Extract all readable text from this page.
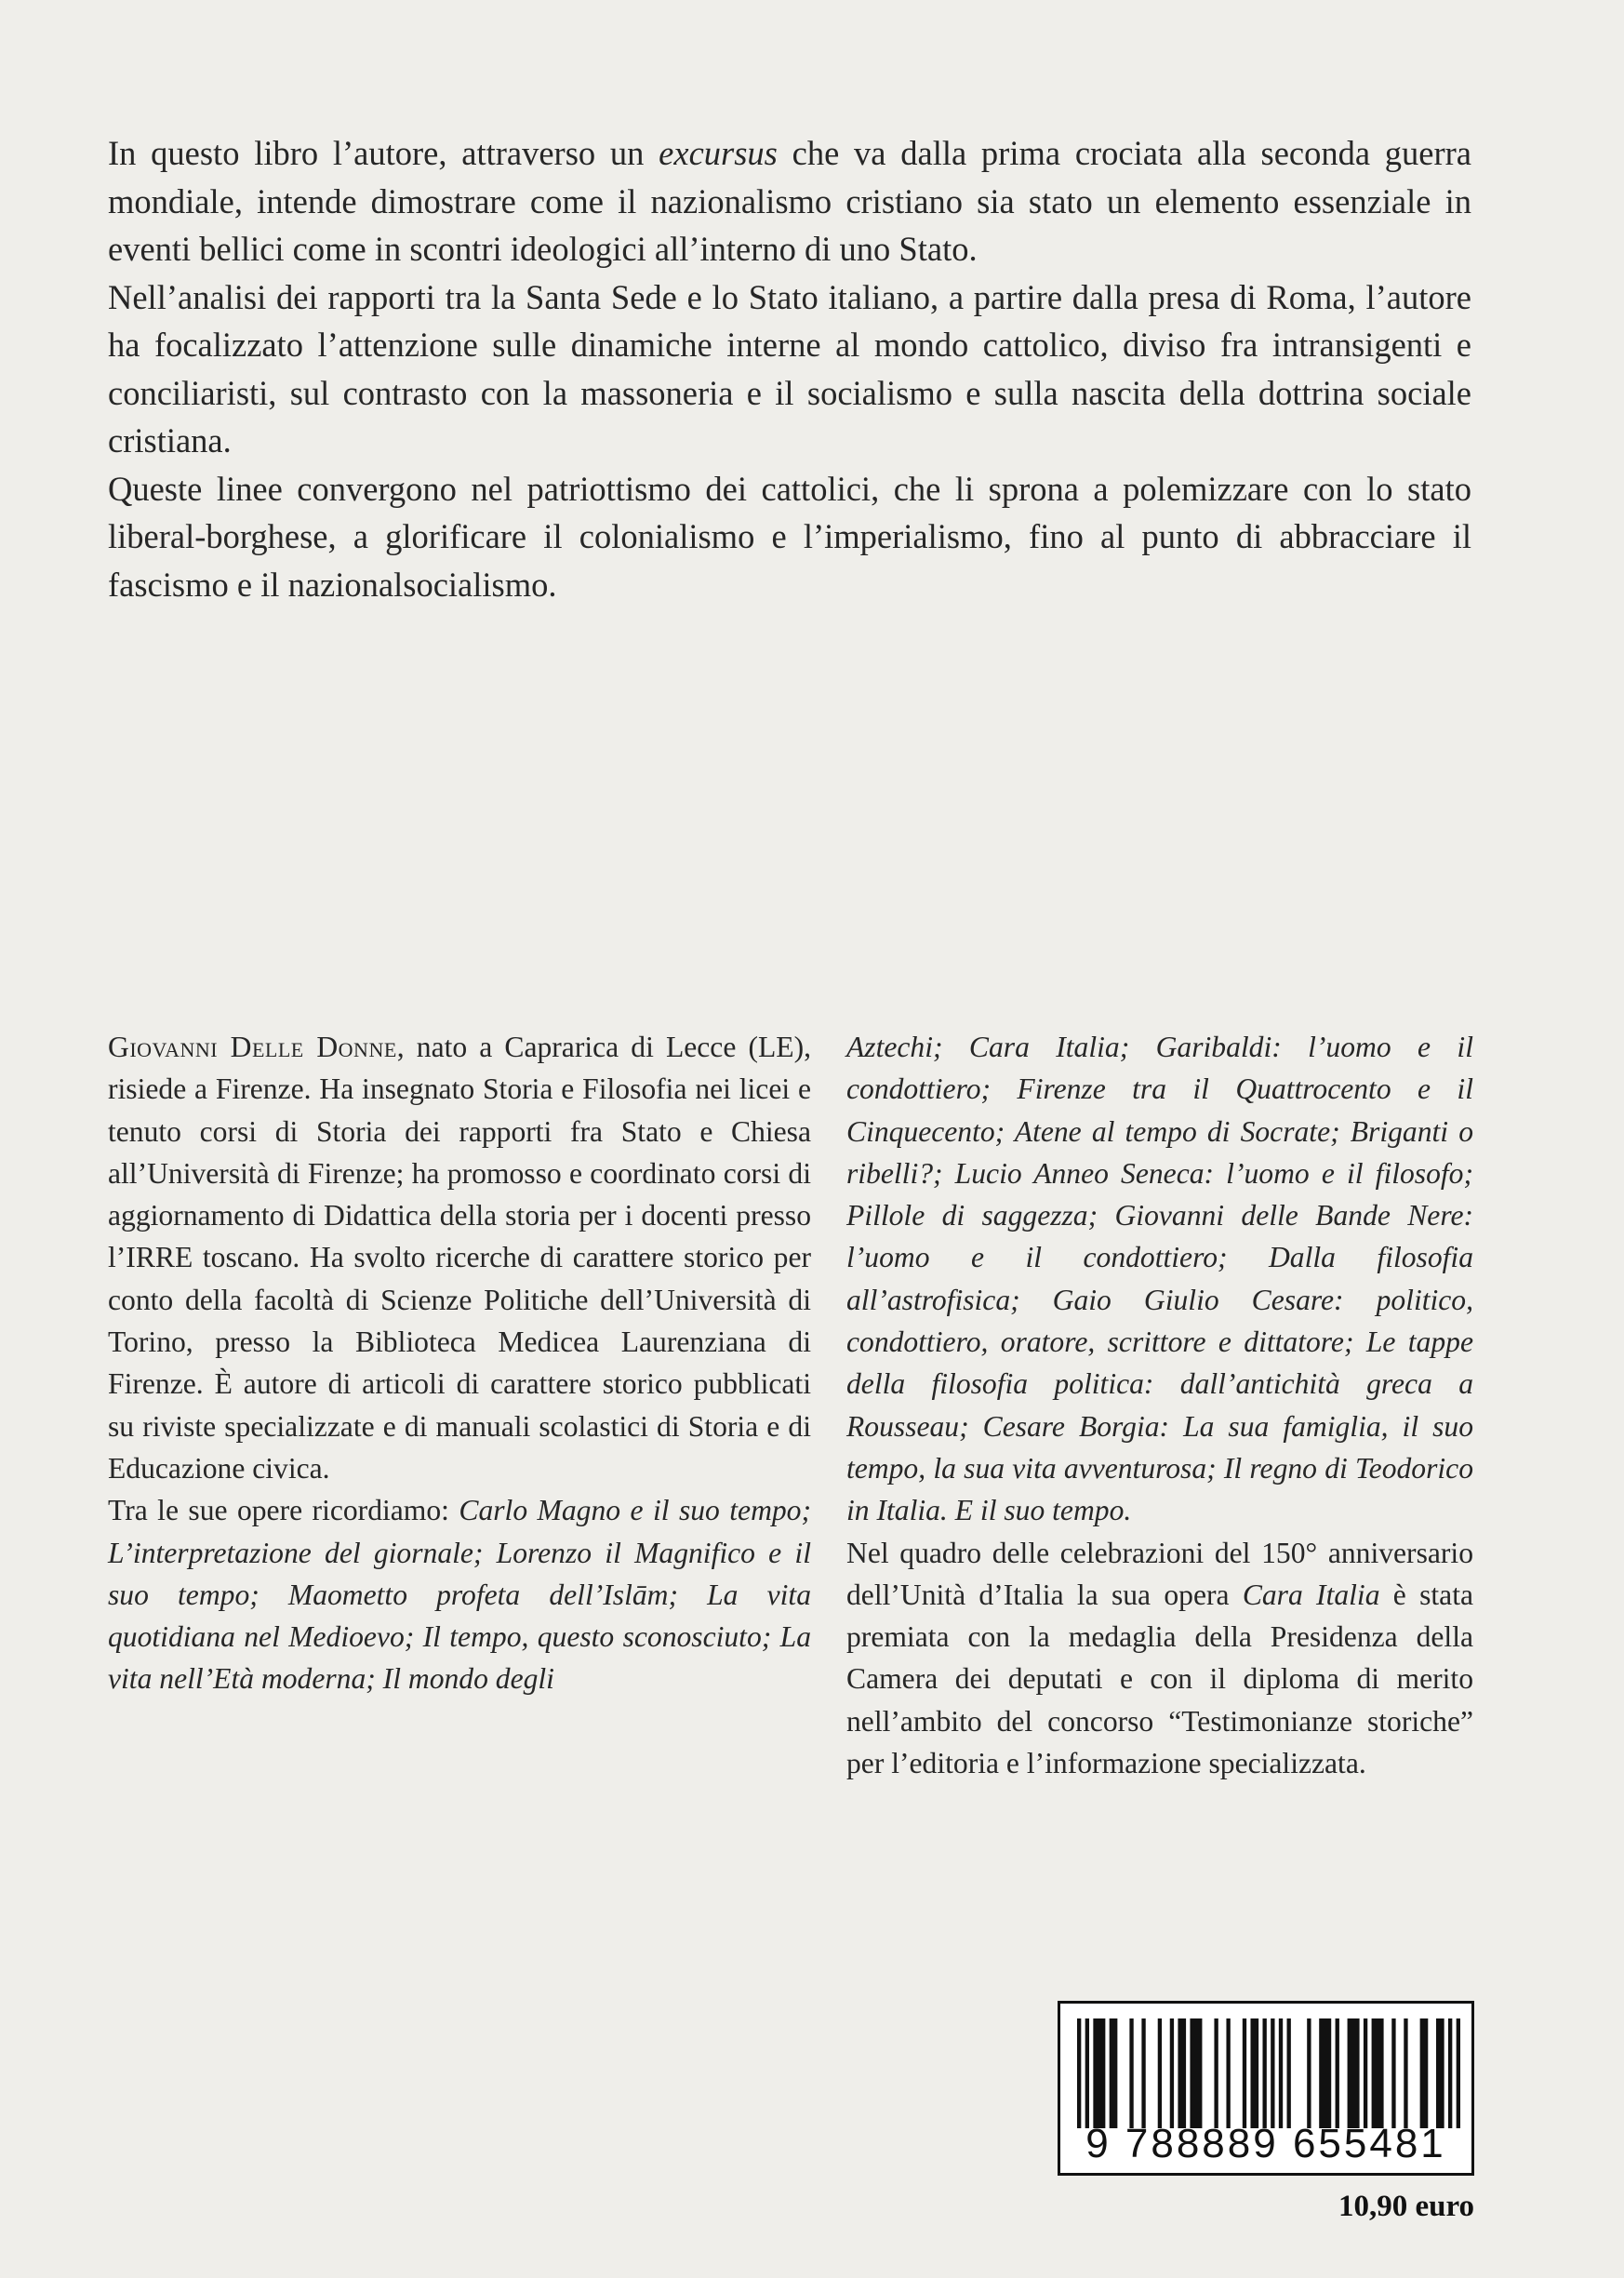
In questo libro l’autore, attraverso un excursus che va dalla prima crociata alla seconda guerra mondiale, intende dimostrare come il nazionalismo cristiano sia stato un elemento essenziale in eventi bellici come in scontri ideologici all’interno di uno Stato.

Nell’analisi dei rapporti tra la Santa Sede e lo Stato italiano, a partire dalla presa di Roma, l’autore ha focalizzato l’attenzione sulle dinamiche interne al mondo cattolico, diviso fra intransigenti e conciliaristi, sul contrasto con la massoneria e il socialismo e sulla nascita della dottrina sociale cristiana.

Queste linee convergono nel patriottismo dei cattolici, che li sprona a polemizzare con lo stato liberal-borghese, a glorificare il colonialismo e l’imperialismo, fino al punto di abbracciare il fascismo e il nazionalsocialismo.

Giovanni Delle Donne, nato a Caprarica di Lecce (LE), risiede a Firenze. Ha insegnato Storia e Filosofia nei licei e tenuto corsi di Storia dei rapporti fra Stato e Chiesa all’Università di Firenze; ha promosso e coordinato corsi di aggiornamento di Didattica della storia per i docenti presso l’IRRE toscano. Ha svolto ricerche di carattere storico per conto della facoltà di Scienze Politiche dell’Università di Torino, presso la Biblioteca Medicea Laurenziana di Firenze. È autore di articoli di carattere storico pubblicati su riviste specializzate e di manuali scolastici di Storia e di Educazione civica.

Tra le sue opere ricordiamo: Carlo Magno e il suo tempo; L’interpretazione del giornale; Lorenzo il Magnifico e il suo tempo; Maometto profeta dell’Islām; La vita quotidiana nel Medioevo; Il tempo, questo sconosciuto; La vita nell’Età moderna; Il mondo degli

Aztechi; Cara Italia; Garibaldi: l’uomo e il condottiero; Firenze tra il Quattrocento e il Cinquecento; Atene al tempo di Socrate; Briganti o ribelli?; Lucio Anneo Seneca: l’uomo e il filosofo; Pillole di saggezza; Giovanni delle Bande Nere: l’uomo e il condottiero; Dalla filosofia all’astrofisica; Gaio Giulio Cesare: politico, condottiero, oratore, scrittore e dittatore; Le tappe della filosofia politica: dall’antichità greca a Rousseau; Cesare Borgia: La sua famiglia, il suo tempo, la sua vita avventurosa; Il regno di Teodorico in Italia. E il suo tempo.

Nel quadro delle celebrazioni del 150° anniversario dell’Unità d’Italia la sua opera Cara Italia è stata premiata con la medaglia della Presidenza della Camera dei deputati e con il diploma di merito nell’ambito del concorso “Testimonianze storiche” per l’editoria e l’informazione specializzata.

9 788889 655481
10,90 euro
